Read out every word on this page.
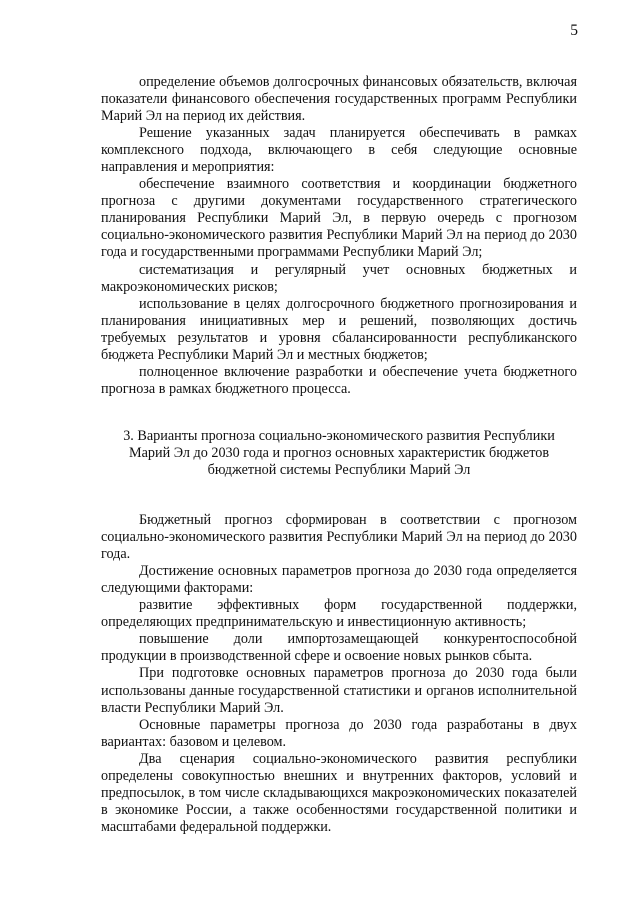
5

определение объемов долгосрочных финансовых обязательств, включая показатели финансового обеспечения государственных программ Республики Марий Эл на период их действия.

Решение указанных задач планируется обеспечивать в рамках комплексного подхода, включающего в себя следующие основные направления и мероприятия:

обеспечение взаимного соответствия и координации бюджетного прогноза с другими документами государственного стратегического планирования Республики Марий Эл, в первую очередь с прогнозом социально-экономического развития Республики Марий Эл на период до 2030 года и государственными программами Республики Марий Эл;

систематизация и регулярный учет основных бюджетных и макроэкономических рисков;

использование в целях долгосрочного бюджетного прогнозирования и планирования инициативных мер и решений, позволяющих достичь требуемых результатов и уровня сбалансированности республиканского бюджета Республики Марий Эл и местных бюджетов;

полноценное включение разработки и обеспечение учета бюджетного прогноза в рамках бюджетного процесса.

3. Варианты прогноза социально-экономического развития Республики Марий Эл до 2030 года и прогноз основных характеристик бюджетов бюджетной системы Республики Марий Эл

Бюджетный прогноз сформирован в соответствии с прогнозом социально-экономического развития Республики Марий Эл на период до 2030 года.

Достижение основных параметров прогноза до 2030 года определяется следующими факторами:

развитие эффективных форм государственной поддержки, определяющих предпринимательскую и инвестиционную активность;

повышение доли импортозамещающей конкурентоспособной продукции в производственной сфере и освоение новых рынков сбыта.

При подготовке основных параметров прогноза до 2030 года были использованы данные государственной статистики и органов исполнительной власти Республики Марий Эл.

Основные параметры прогноза до 2030 года разработаны в двух вариантах: базовом и целевом.

Два сценария социально-экономического развития республики определены совокупностью внешних и внутренних факторов, условий и предпосылок, в том числе складывающихся макроэкономических показателей в экономике России, а также особенностями государственной политики и масштабами федеральной поддержки.
